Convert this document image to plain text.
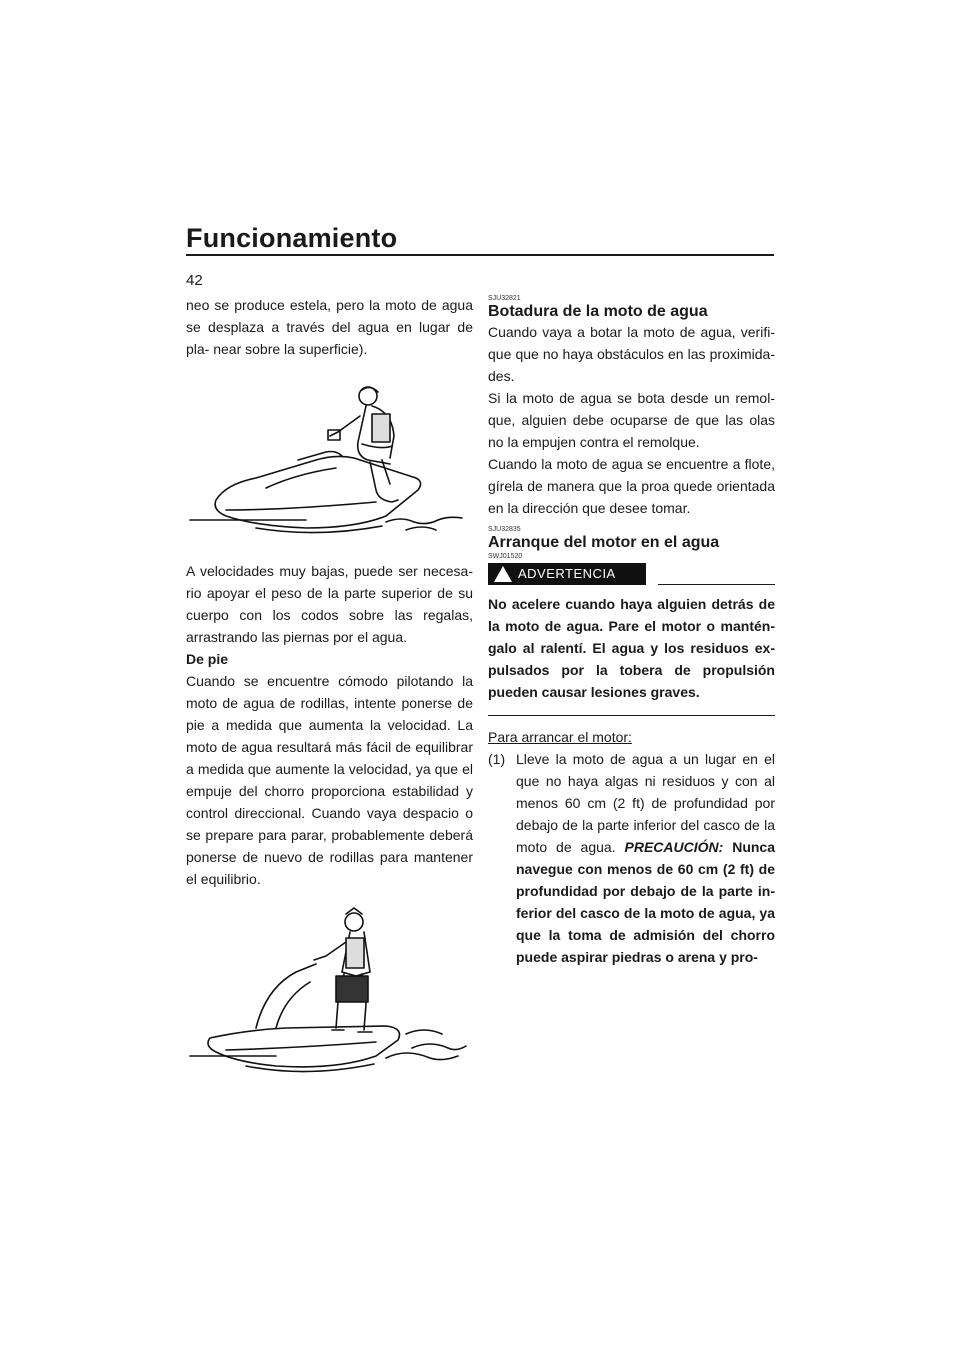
Funcionamiento
42

neo se produce estela, pero la moto de agua se desplaza a través del agua en lugar de pla- near sobre la superficie).

A velocidades muy bajas, puede ser necesa- rio apoyar el peso de la parte superior de su cuerpo con los codos sobre las regalas, arrastrando las piernas por el agua.

De pie

Cuando se encuentre cómodo pilotando la moto de agua de rodillas, intente ponerse de pie a medida que aumenta la velocidad. La moto de agua resultará más fácil de equilibrar a medida que aumente la velocidad, ya que el empuje del chorro proporciona estabilidad y control direccional. Cuando vaya despacio o se prepare para parar, probablemente deberá ponerse de nuevo de rodillas para mantener el equilibrio.

SJU32821

Botadura de la moto de agua

Cuando vaya a botar la moto de agua, verifi- que que no haya obstáculos en las proximida- des.

Si la moto de agua se bota desde un remol- que, alguien debe ocuparse de que las olas no la empujen contra el remolque.

Cuando la moto de agua se encuentre a flote, gírela de manera que la proa quede orientada en la dirección que desee tomar.

SJU32835

Arranque del motor en el agua

SWJ01520

! ADVERTENCIA

No acelere cuando haya alguien detrás de la moto de agua. Pare el motor o mantén- galo al ralentí. El agua y los residuos ex- pulsados por la tobera de propulsión pueden causar lesiones graves.

Para arrancar el motor:

(1) Lleve la moto de agua a un lugar en el que no haya algas ni residuos y con al menos 60 cm (2 ft) de profundidad por debajo de la parte inferior del casco de la moto de agua. PRECAUCIÓN: Nunca navegue con menos de 60 cm (2 ft) de profundidad por debajo de la parte in- ferior del casco de la moto de agua, ya que la toma de admisión del chorro puede aspirar piedras o arena y pro-
